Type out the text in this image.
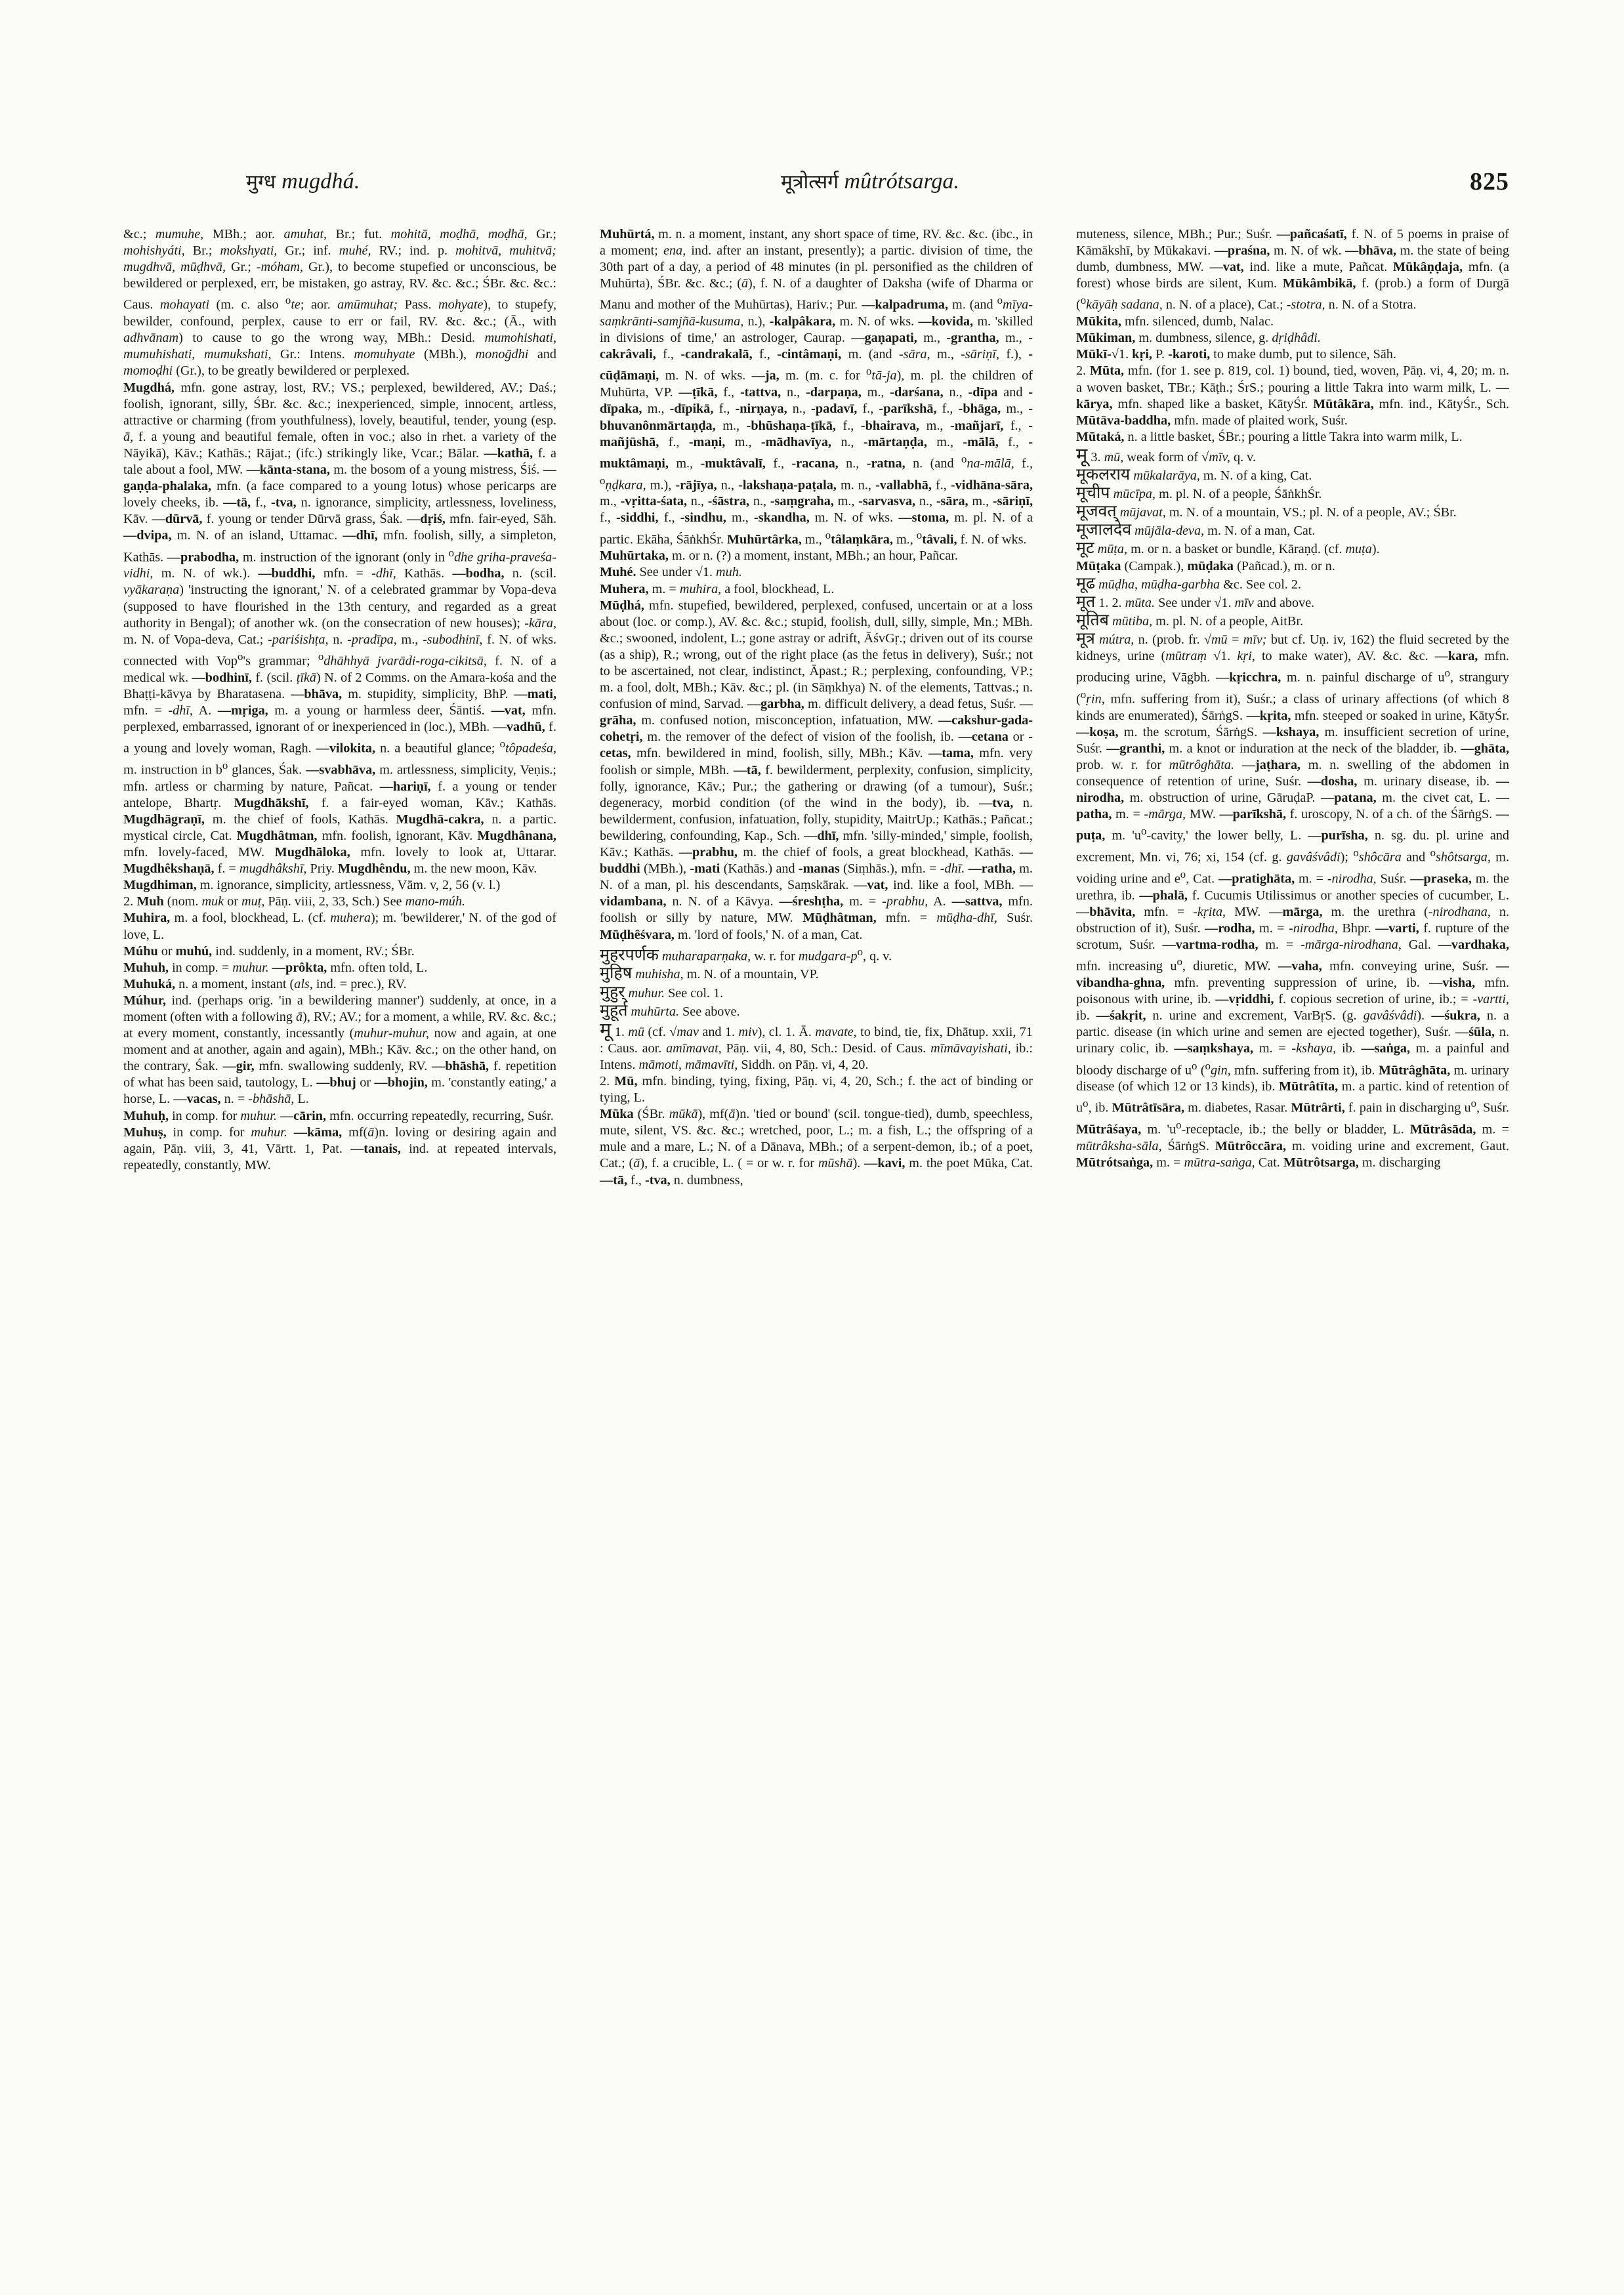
मुग्ध mugdhá.	मूत्रोत्सर्ग mûtrótsarga.	825

&c.; mumuhe, MBh.; aor. amuhat, Br.; fut. mohitā, moḍhā, moḍhā, Gr.; mohishyáti, Br.; mokshyati, Gr.; inf. muhé, RV.; ind. p. mohitvā, muhitvā; mugdhvā, mūḍhvā, Gr.; -móham, Gr.), to become stupefied or unconscious, be bewildered or perplexed, err, be mistaken, go astray, RV. &c. &c.; ŚBr. &c. &c.: Caus. mohayati (m. c. also $^o$te; aor. amūmuhat; Pass. mohyate), to stupefy, bewilder, confound, perplex, cause to err or fail, RV. &c. &c.; (Ā., with adhvānam) to cause to go the wrong way, MBh.: Desid. mumohishati, mumuhishati, mumukshati, Gr.: Intens. momuhyate (MBh.), monoḡdhi and momoḍhi (Gr.), to be greatly bewildered or perplexed.

Mugdhá, mfn. gone astray, lost, RV.; VS.; perplexed, bewildered, AV.; Daś.; foolish, ignorant, silly, ŚBr. &c. &c.; inexperienced, simple, innocent, artless, attractive or charming (from youthfulness), lovely, beautiful, tender, young (esp. ā, f. a young and beautiful female, often in voc.; also in rhet. a variety of the Nāyikā), Kāv.; Kathās.; Rājat.; (ifc.) strikingly like, Vcar.; Bālar. —kathā, f. a tale about a fool, MW. —kānta-stana, m. the bosom of a young mistress, Śiś. —gaṇḍa-phalaka, mfn. (a face compared to a young lotus) whose pericarps are lovely cheeks, ib. —tā, f., -tva, n. ignorance, simplicity, artlessness, loveliness, Kāv. —dūrvā, f. young or tender Dūrvā grass, Śak. —dṛiś, mfn. fair-eyed, Sāh. —dvipa, m. N. of an island, Uttamac. —dhī, mfn. foolish, silly, a simpleton, Kathās. —prabodha, m. instruction of the ignorant (only in $^o$dhe griha-praveśa-vidhi, m. N. of wk.). —buddhi, mfn. = -dhī, Kathās. —bodha, n. (scil. vyākaraṇa) 'instructing the ignorant,' N. of a celebrated grammar by Vopa-deva (supposed to have flourished in the 13th century, and regarded as a great authority in Bengal); of another wk. (on the consecration of new houses); -kāra, m. N. of Vopa-deva, Cat.; -pariśishṭa, n. -pradīpa, m., -subodhinī, f. N. of wks. connected with Vop$^o$'s grammar; $^o$dhāhhyā jvarādi-roga-cikitsā, f. N. of a medical wk. —bodhinī, f. (scil. ṭīkā) N. of 2 Comms. on the Amara-kośa and the Bhaṭṭi-kāvya by Bharatasena. —bhāva, m. stupidity, simplicity, BhP. —mati, mfn. = -dhī, A. —mṛiga, m. a young or harmless deer, Śāntiś. —vat, mfn. perplexed, embarrassed, ignorant of or inexperienced in (loc.), MBh. —vadhū, f. a young and lovely woman, Ragh. —vilokita, n. a beautiful glance; $^o$tôpadeśa, m. instruction in $b^o$ glances, Śak. —svabhāva, m. artlessness, simplicity, Veṇis.; mfn. artless or charming by nature, Pañcat. —hariṇī, f. a young or tender antelope, Bhartṛ. Mugdhākshī, f. a fair-eyed woman, Kāv.; Kathās. Mugdhāgraṇī, m. the chief of fools, Kathās. Mugdhā-cakra, n. a partic. mystical circle, Cat. Mugdhâtman, mfn. foolish, ignorant, Kāv. Mugdhânana, mfn. lovely-faced, MW. Mugdhāloka, mfn. lovely to look at, Uttarar. Mugdhêkshaṇā, f. = mugdhâkshī, Priy. Mugdhêndu, m. the new moon, Kāv.

Mugdhiman, m. ignorance, simplicity, artlessness, Vām. v, 2, 56 (v. l.)

2. Muh (nom. muk or muṭ, Pāṇ. viii, 2, 33, Sch.) See mano-múh.

Muhira, m. a fool, blockhead, L. (cf. muhera); m. 'bewilderer,' N. of the god of love, L.

Múhu or muhú, ind. suddenly, in a moment, RV.; ŚBr.

Muhuh, in comp. = muhur. —prôkta, mfn. often told, L.

Muhuká, n. a moment, instant (als, ind. = prec.), RV.

Múhur, ind. (perhaps orig. 'in a bewildering manner') suddenly, at once, in a moment (often with a following ā), RV.; AV.; for a moment, a while, RV. &c. &c.; at every moment, constantly, incessantly (muhur-muhur, now and again, at one moment and at another, again and again), MBh.; Kāv. &c.; on the other hand, on the contrary, Śak. —gir, mfn. swallowing suddenly, RV. —bhāshā, f. repetition of what has been said, tautology, L. —bhuj or —bhojin, m. 'constantly eating,' a horse, L. —vacas, n. = -bhāshā, L.

Muhuḥ, in comp. for muhur. —cārin, mfn. occurring repeatedly, recurring, Suśr.

Muhuṣ, in comp. for muhur. —kāma, mf(ā)n. loving or desiring again and again, Pāṇ. viii, 3, 41, Vārtt. 1, Pat. —tanais, ind. at repeated intervals, repeatedly, constantly, MW.

Muhūrtá, m. n. a moment, instant, any short space of time, RV. &c. &c. (ibc., in a moment; ena, ind. after an instant, presently); a partic. division of time, the 30th part of a day, a period of 48 minutes (in pl. personified as the children of Muhūrta), ŚBr. &c. &c.; (ā), f. N. of a daughter of Daksha (wife of Dharma or Manu and mother of the Muhūrtas), Hariv.; Pur. —kalpadruma, m. (and $^o$mīya-saṃkrānti-samjñā-kusuma, n.), -kalpâkara, m. N. of wks. —kovida, m. 'skilled in divisions of time,' an astrologer, Caurap. —gaṇapati, m., -grantha, m., -cakrâvali, f., -candrakalā, f., -cintâmaṇi, m. (and -sāra, m., -sāriṇī, f.), -cūḍāmaṇi, m. N. of wks. —ja, m. (m. c. for $^o$tā-ja), m. pl. the children of Muhūrta, VP. —ṭīkā, f., -tattva, n., -darpaṇa, m., -darśana, n., -dīpa and -dīpaka, m., -dīpikā, f., -nirṇaya, n., -padavī, f., -parīkshā, f., -bhāga, m., -bhuvanônmārtaṇḍa, m., -bhūshaṇa-ṭīkā, f., -bhairava, m., -mañjarī, f., -mañjūshā, f., -maṇi, m., -mādhavīya, n., -mārtaṇḍa, m., -mālā, f., -muktâmaṇi, m., -muktâvalī, f., -racana, n., -ratna, n. (and $^o$na-mālā, f., $^o$ṇḍkara, m.), -rājīya, n., -lakshaṇa-paṭala, m. n., -vallabhā, f., -vidhāna-sāra, m., -vṛitta-śata, n., -śāstra, n., -saṃgraha, m., -sarvasva, n., -sāra, m., -sāriṇī, f., -siddhi, f., -sindhu, m., -skandha, m. N. of wks. —stoma, m. pl. N. of a partic. Ekāha, ŚāṅkhŚr. Muhūrtârka, m., $^o$tâlaṃkāra, m., $^o$tâvali, f. N. of wks.

Muhūrtaka, m. or n. (?) a moment, instant, MBh.; an hour, Pañcar.

Muhé. See under √1. muh.

Muhera, m. = muhira, a fool, blockhead, L.

Mūḍhá, mfn. stupefied, bewildered, perplexed, confused, uncertain or at a loss about (loc. or comp.), AV. &c. &c.; stupid, foolish, dull, silly, simple, Mn.; MBh. &c.; swooned, indolent, L.; gone astray or adrift, ĀśvGṛ.; driven out of its course (as a ship), R.; wrong, out of the right place (as the fetus in delivery), Suśr.; not to be ascertained, not clear, indistinct, Āpast.; R.; perplexing, confounding, VP.; m. a fool, dolt, MBh.; Kāv. &c.; pl. (in Sāṃkhya) N. of the elements, Tattvas.; n. confusion of mind, Sarvad. —garbha, m. difficult delivery, a dead fetus, Suśr. —grāha, m. confused notion, misconception, infatuation, MW. —cakshur-gada-cohetṛi, m. the remover of the defect of vision of the foolish, ib. —cetana or -cetas, mfn. bewildered in mind, foolish, silly, MBh.; Kāv. —tama, mfn. very foolish or simple, MBh. —tā, f. bewilderment, perplexity, confusion, simplicity, folly, ignorance, Kāv.; Pur.; the gathering or drawing (of a tumour), Suśr.; degeneracy, morbid condition (of the wind in the body), ib. —tva, n. bewilderment, confusion, infatuation, folly, stupidity, MaitrUp.; Kathās.; Pañcat.; bewildering, confounding, Kap., Sch. —dhī, mfn. 'silly-minded,' simple, foolish, Kāv.; Kathās. —prabhu, m. the chief of fools, a great blockhead, Kathās. —buddhi (MBh.), -mati (Kathās.) and -manas (Siṃhās.), mfn. = -dhī. —ratha, m. N. of a man, pl. his descendants, Saṃskārak. —vat, ind. like a fool, MBh. —vidambana, n. N. of a Kāvya. —śreshṭha, m. = -prabhu, A. —sattva, mfn. foolish or silly by nature, MW. Mūḍhâtman, mfn. = mūḍha-dhī, Suśr. Mūḍhêśvara, m. 'lord of fools,' N. of a man, Cat.

मुहरपर्णक muharaparṇaka, w. r. for mudgara-$p^o$, q. v.

मुहिष muhisha, m. N. of a mountain, VP.

मुहुर् muhur. See col. 1.

मुहूर्त muhūrta. See above.

मू 1. mū (cf. √mav and 1. miv), cl. 1. Ā. mavate, to bind, tie, fix, Dhātup. xxii, 71 : Caus. aor. amīmavat, Pāṇ. vii, 4, 80, Sch.: Desid. of Caus. mīmāvayishati, ib.: Intens. māmoti, māmavīti, Siddh. on Pāṇ. vi, 4, 20.

2. Mū, mfn. binding, tying, fixing, Pāṇ. vi, 4, 20, Sch.; f. the act of binding or tying, L.

Mūka (ŚBr. mūkā), mf(ā)n. 'tied or bound' (scil. tongue-tied), dumb, speechless, mute, silent, VS. &c. &c.; wretched, poor, L.; m. a fish, L.; the offspring of a mule and a mare, L.; N. of a Dānava, MBh.; of a serpent-demon, ib.; of a poet, Cat.; (ā), f. a crucible, L. ( = or w. r. for mūshā). —kavi, m. the poet Mūka, Cat. —tā, f., -tva, n. dumbness,

muteness, silence, MBh.; Pur.; Suśr. —pañcaśatī, f. N. of 5 poems in praise of Kāmākshī, by Mūkakavi. —praśna, m. N. of wk. —bhāva, m. the state of being dumb, dumbness, MW. —vat, ind. like a mute, Pañcat. Mūkâṇḍaja, mfn. (a forest) whose birds are silent, Kum. Mūkâmbikā, f. (prob.) a form of Durgā ($^o$kāyāḥ sadana, n. N. of a place), Cat.; -stotra, n. N. of a Stotra.

Mūkita, mfn. silenced, dumb, Nalac.

Mūkiman, m. dumbness, silence, g. dṛiḍhâdi.

Mūkī-√1. kṛi, P. -karoti, to make dumb, put to silence, Sāh.

2. Mūta, mfn. (for 1. see p. 819, col. 1) bound, tied, woven, Pāṇ. vi, 4, 20; m. n. a woven basket, TBr.; Kāṭh.; ŚrS.; pouring a little Takra into warm milk, L. —kārya, mfn. shaped like a basket, KātyŚr. Mūtâkāra, mfn. ind., KātyŚr., Sch. Mūtāva-baddha, mfn. made of plaited work, Suśr.

Mūtaká, n. a little basket, ŚBr.; pouring a little Takra into warm milk, L.

मू 3. mū, weak form of √mīv, q. v.

मूकलराय mūkalarāya, m. N. of a king, Cat.

मूचीप mūcīpa, m. pl. N. of a people, ŚāṅkhŚr.

मूजवत् mūjavat, m. N. of a mountain, VS.; pl. N. of a people, AV.; ŚBr.

मूजालदेव mūjāla-deva, m. N. of a man, Cat.

मूट mūṭa, m. or n. a basket or bundle, Kāraṇḍ. (cf. muṭa).

Mūṭaka (Campak.), mūḍaka (Pañcad.), m. or n.

मूढ mūḍha, mūḍha-garbha &c. See col. 2.

मूत 1. 2. mūta. See under √1. mīv and above.

मूतिब mūtiba, m. pl. N. of a people, AitBr.

मूत्र mútra, n. (prob. fr. √mū = mīv; but cf. Uṇ. iv, 162) the fluid secreted by the kidneys, urine (mūtraṃ √1. kṛi, to make water), AV. &c. &c. —kara, mfn. producing urine, Vāgbh. —kṛicchra, m. n. painful discharge of $u^o$, strangury ($^o$ṛin, mfn. suffering from it), Suśr.; a class of urinary affections (of which 8 kinds are enumerated), ŚārṅgS. —kṛita, mfn. steeped or soaked in urine, KātyŚr. —koṣa, m. the scrotum, ŚārṅgS. —kshaya, m. insufficient secretion of urine, Suśr. —granthi, m. a knot or induration at the neck of the bladder, ib. —ghāta, prob. w. r. for mūtrôghāta. —jaṭhara, m. n. swelling of the abdomen in consequence of retention of urine, Suśr. —dosha, m. urinary disease, ib. —nirodha, m. obstruction of urine, GāruḍaP. —patana, m. the civet cat, L. —patha, m. = -mārga, MW. —parīkshā, f. uroscopy, N. of a ch. of the ŚārṅgS. —puṭa, m. '$u^o-cavity$,' the lower belly, L. —purīsha, n. sg. du. pl. urine and excrement, Mn. vi, 76; xi, 154 (cf. g. gavâśvâdi); $^o$shôcāra and $^o$shôtsarga, m. voiding urine and $e^o$, Cat. —pratighāta, m. = -nirodha, Suśr. —praseka, m. the urethra, ib. —phalā, f. Cucumis Utilissimus or another species of cucumber, L. —bhāvita, mfn. = -kṛita, MW. —mārga, m. the urethra (-nirodhana, n. obstruction of it), Suśr. —rodha, m. = -nirodha, Bhpr. —varti, f. rupture of the scrotum, Suśr. —vartma-rodha, m. = -mārga-nirodhana, Gal. —vardhaka, mfn. increasing $u^o$, diuretic, MW. —vaha, mfn. conveying urine, Suśr. —vibandha-ghna, mfn. preventing suppression of urine, ib. —visha, mfn. poisonous with urine, ib. —vṛiddhi, f. copious secretion of urine, ib.; = -vartti, ib. —śakṛit, n. urine and excrement, VarBṛS. (g. gavâśvâdi). —śukra, n. a partic. disease (in which urine and semen are ejected together), Suśr. —śūla, n. urinary colic, ib. —saṃkshaya, m. = -kshaya, ib. —saṅga, m. a painful and bloody discharge of $u^o$ ($^o$gin, mfn. suffering from it), ib. Mūtrâghāta, m. urinary disease (of which 12 or 13 kinds), ib. Mūtrâtīta, m. a partic. kind of retention of $u^o$, ib. Mūtrâtīsāra, m. diabetes, Rasar. Mūtrârti, f. pain in discharging $u^o$, Suśr. Mūtrâśaya, m. '$u^o$-receptacle, ib.; the belly or bladder, L. Mūtrâsāda, m. = mūtrâksha-sāla, ŚārṅgS. Mūtrôccāra, m. voiding urine and excrement, Gaut. Mūtrótsaṅga, m. = mūtra-saṅga, Cat. Mūtrôtsarga, m. discharging
